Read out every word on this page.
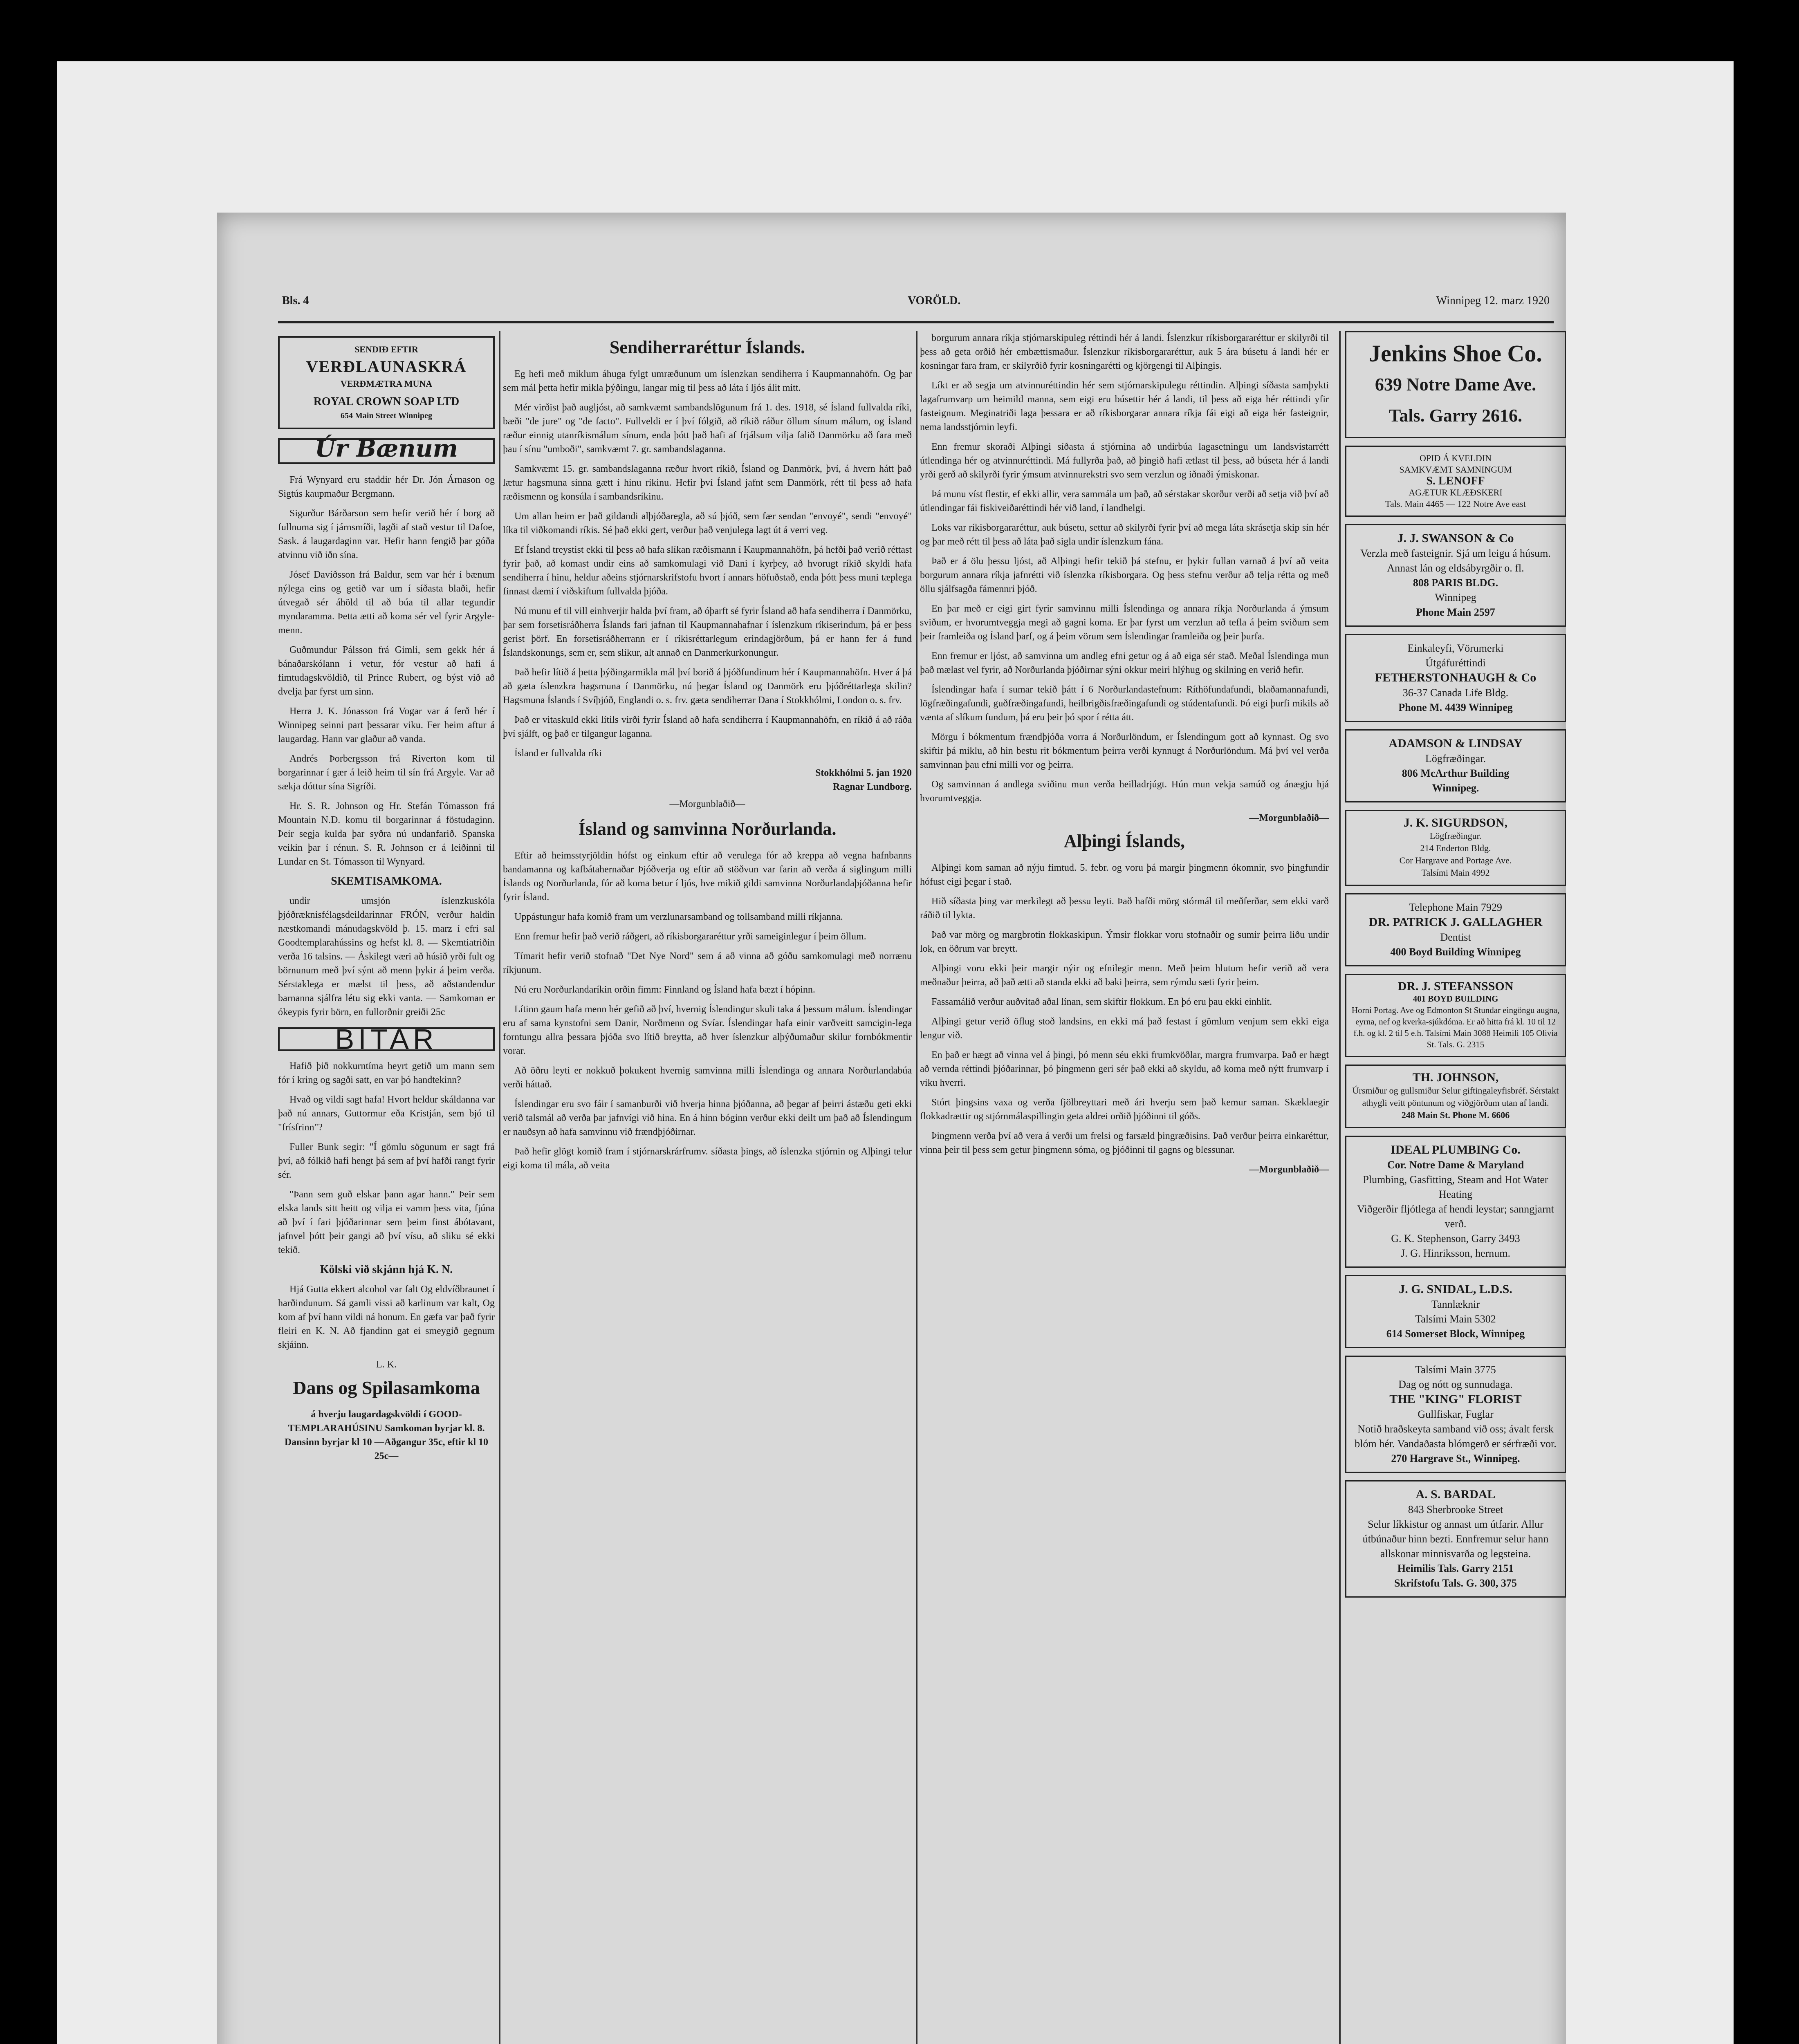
Bls. 4	VORÖLD.	Winnipeg 12. marz 1920
SENDIÐ EFTIR
VERÐLAUNASKRÁ
VERÐMÆTRA MUNA
ROYAL CROWN SOAP LTD
654 Main Street Winnipeg
Úr Bænum

Frá Wynyard eru staddir hér Dr. Jón Árnason og Sigtús kaupmaður Bergmann.

Sigurður Bárðarson sem hefir verið hér í borg að fullnuma sig í járnsmíði, lagði af stað vestur til Dafoe, Sask. á laugardaginn var. Hefir hann fengið þar góða atvinnu við iðn sína.

Jósef Davíðsson frá Baldur, sem var hér í bænum nýlega eins og getið var um í síðasta blaði, hefir útvegað sér áhöld til að búa til allar tegundir myndaramma. Þetta ætti að koma sér vel fyrir Argyle-menn.

Guðmundur Pálsson frá Gimli, sem gekk hér á bánaðarskólann í vetur, fór vestur að hafi á fimtudagskvöldið, til Prince Rubert, og býst við að dvelja þar fyrst um sinn.

Herra J. K. Jónasson frá Vogar var á ferð hér í Winnipeg seinni part þessarar viku. Fer heim aftur á laugardag. Hann var glaður að vanda.

Andrés Þorbergsson frá Riverton kom til borgarinnar í gær á leið heim til sín frá Argyle. Var að sækja dóttur sína Sigríði.

Hr. S. R. Johnson og Hr. Stefán Tómasson frá Mountain N.D. komu til borgarinnar á föstudaginn. Þeir segja kulda þar syðra nú undanfarið. Spanska veikin þar í rénun. S. R. Johnson er á leiðinni til Lundar en St. Tómasson til Wynyard.

SKEMTISAMKOMA.

undir umsjón íslenzkuskóla þjóðræknisfélagsdeildarinnar FRÓN, verður haldin næstkomandi mánudagskvöld þ. 15. marz í efri sal Goodtemplarahússins og hefst kl. 8. — Skemtiatriðin verða 16 talsins. — Áskilegt væri að húsið yrði fult og börnunum með því sýnt að menn þykir á þeim verða. Sérstaklega er mælst til þess, að aðstandendur barnanna sjálfra létu sig ekki vanta. — Samkoman er ókeypis fyrir börn, en fullorðnir greiði 25c

BITAR

Hafið þið nokkurntíma heyrt getið um mann sem fór í kring og sagði satt, en var þó handtekinn?

Hvað og vildi sagt hafa! Hvort heldur skáldanna var það nú annars, Guttormur eða Kristján, sem bjó til "frísfrinn"?

Fuller Bunk segir: "Í gömlu sögunum er sagt frá því, að fólkið hafi hengt þá sem af því hafði rangt fyrir sér.

"Þann sem guð elskar þann agar hann." Þeir sem elska lands sitt heitt og vilja ei vamm þess vita, fjúna að því í fari þjóðarinnar sem þeim finst ábótavant, jafnvel þótt þeir gangi að því vísu, að sliku sé ekki tekið.

Kölski við skjánn hjá K. N.

Hjá Gutta ekkert alcohol var falt Og eldvíðbraunet í harðindunum. Sá gamli vissi að karlinum var kalt, Og kom af því hann vildi ná honum. En gæfa var það fyrir fleiri en K. N. Að fjandinn gat ei smeygið gegnum skjáinn.

L. K.
Dans og Spilasamkoma
á hverju laugardagskvöldi í GOOD-TEMPLARAHÚSINU Samkoman byrjar kl. 8. Dansinn byrjar kl 10 —Aðgangur 35c, eftir kl 10 25c—
Sendiherraréttur Íslands.

Eg hefi með miklum áhuga fylgt umræðunum um íslenzkan sendiherra í Kaupmannahöfn. Og þar sem mál þetta hefir mikla þýðingu, langar mig til þess að láta í ljós álit mitt.

Mér virðist það augljóst, að samkvæmt sambandslögunum frá 1. des. 1918, sé Ísland fullvalda ríki, bæði "de jure" og "de facto". Fullveldi er í því fólgið, að ríkið ráður öllum sínum málum, og Ísland ræður einnig utanríkismálum sínum, enda þótt það hafi af frjálsum vilja falið Danmörku að fara með þau í sínu "umboði", samkvæmt 7. gr. sambandslaganna.

Samkvæmt 15. gr. sambandslaganna ræður hvort ríkið, Ísland og Danmörk, því, á hvern hátt það lætur hagsmuna sinna gætt í hinu ríkinu. Hefir því Ísland jafnt sem Danmörk, rétt til þess að hafa ræðismenn og konsúla í sambandsríkinu.

Um allan heim er það gildandi alþjóðaregla, að sú þjóð, sem fær sendan "envoyé", sendi "envoyé" líka til viðkomandi ríkis. Sé það ekki gert, verður það venjulega lagt út á verri veg.

Ef Ísland treystist ekki til þess að hafa slíkan ræðismann í Kaupmannahöfn, þá hefði það verið réttast fyrir það, að komast undir eins að samkomulagi við Dani í kyrþey, að hvorugt ríkið skyldi hafa sendiherra í hinu, heldur aðeins stjórnarskrifstofu hvort í annars höfuðstað, enda þótt þess muni tæplega finnast dæmi í viðskiftum fullvalda þjóða.

Nú munu ef til vill einhverjir halda því fram, að óþarft sé fyrir Ísland að hafa sendiherra í Danmörku, þar sem forsetisráðherra Íslands fari jafnan til Kaupmannahafnar í íslenzkum ríkiserindum, þá er þess gerist þörf. En forsetisráðherrann er í ríkisréttarlegum erindagjörðum, þá er hann fer á fund Íslandskonungs, sem er, sem slíkur, alt annað en Danmerkurkonungur.

Það hefir lítið á þetta þýðingarmikla mál því borið á þjóðfundinum hér í Kaupmannahöfn. Hver á þá að gæta íslenzkra hagsmuna í Danmörku, nú þegar Ísland og Danmörk eru þjóðréttarlega skilin? Hagsmuna Íslands í Svíþjóð, Englandi o. s. frv. gæta sendiherrar Dana í Stokkhólmi, London o. s. frv.

Það er vitaskuld ekki lítils virði fyrir Ísland að hafa sendiherra í Kaupmannahöfn, en ríkið á að ráða því sjálft, og það er tilgangur laganna.

Ísland er fullvalda ríki

Stokkhólmi 5. jan 1920
Ragnar Lundborg.
—Morgunblaðið—
Ísland og samvinna Norðurlanda.

Eftir að heimsstyrjöldin hófst og einkum eftir að verulega fór að kreppa að vegna hafnbanns bandamanna og kafbátahernaðar Þjóðverja og eftir að stöðvun var farin að verða á siglingum milli Íslands og Norðurlanda, fór að koma betur í ljós, hve mikið gildi samvinna Norðurlandaþjóðanna hefir fyrir Ísland.

Uppástungur hafa komið fram um verzlunarsamband og tollsamband milli ríkjanna.

Enn fremur hefir það verið ráðgert, að ríkisborgararéttur yrði sameiginlegur í þeim öllum.

Tímarit hefir verið stofnað "Det Nye Nord" sem á að vinna að góðu samkomulagi með norrænu ríkjunum.

Nú eru Norðurlandaríkin orðin fimm: Finnland og Ísland hafa bæzt í hópinn.

Lítinn gaum hafa menn hér gefið að því, hvernig Íslendingur skuli taka á þessum málum. Íslendingar eru af sama kynstofni sem Danir, Norðmenn og Svíar. Íslendingar hafa einir varðveitt samcigin-lega forntungu allra þessara þjóða svo lítið breytta, að hver íslenzkur alþýðumaður skilur fornbókmentir vorar.

Að öðru leyti er nokkuð þokukent hvernig samvinna milli Íslendinga og annara Norðurlandabúa verði háttað.

Íslendingar eru svo fáir í samanburði við hverja hinna þjóðanna, að þegar af þeirri ástæðu geti ekki verið talsmál að verða þar jafnvígi við hina. En á hinn bóginn verður ekki deilt um það að Íslendingum er nauðsyn að hafa samvinnu við frændþjóðirnar.

Það hefir glögt komið fram í stjórnarskrárfrumv. síðasta þings, að íslenzka stjórnin og Alþingi telur eigi koma til mála, að veita

borgurum annara ríkja stjórnarskipuleg réttindi hér á landi. Íslenzkur ríkisborgararéttur er skilyrði til þess að geta orðið hér embættismaður. Íslenzkur ríkisborgararéttur, auk 5 ára búsetu á landi hér er kosningar fara fram, er skilyrðið fyrir kosningarétti og kjörgengi til Alþingis.

Líkt er að segja um atvinnuréttindin hér sem stjórnarskipulegu réttindin. Alþingi síðasta samþykti lagafrumvarp um heimild manna, sem eigi eru búsettir hér á landi, til þess að eiga hér réttindi yfir fasteignum. Meginatriði laga þessara er að ríkisborgarar annara ríkja fái eigi að eiga hér fasteignir, nema landsstjórnin leyfi.

Enn fremur skoraði Alþingi síðasta á stjórnina að undirbúa lagasetningu um landsvistarrétt útlendinga hér og atvinnuréttindi. Má fullyrða það, að þingið hafi ætlast til þess, að búseta hér á landi yrði gerð að skilyrði fyrir ýmsum atvinnurekstri svo sem verzlun og iðnaði ýmiskonar.

Þá munu víst flestir, ef ekki allir, vera sammála um það, að sérstakar skorður verði að setja við því að útlendingar fái fiskiveiðaréttindi hér við land, í landhelgi.

Loks var ríkisborgararéttur, auk búsetu, settur að skilyrði fyrir því að mega láta skrásetja skip sín hér og þar með rétt til þess að láta það sigla undir íslenzkum fána.

Það er á ölu þessu ljóst, að Alþingi hefir tekið þá stefnu, er þykir fullan varnað á því að veita borgurum annara ríkja jafnrétti við íslenzka ríkisborgara. Og þess stefnu verður að telja rétta og með öllu sjálfsagða fámennri þjóð.

En þar með er eigi girt fyrir samvinnu milli Íslendinga og annara ríkja Norðurlanda á ýmsum sviðum, er hvorumtveggja megi að gagni koma. Er þar fyrst um verzlun að tefla á þeim sviðum sem þeir framleiða og Ísland þarf, og á þeim vörum sem Íslendingar framleiða og þeir þurfa.

Enn fremur er ljóst, að samvinna um andleg efni getur og á að eiga sér stað. Meðal Íslendinga mun það mælast vel fyrir, að Norðurlanda þjóðirnar sýni okkur meiri hlýhug og skilning en verið hefir.

Íslendingar hafa í sumar tekið þátt í 6 Norðurlandastefnum: Ríthöfundafundi, blaðamannafundi, lögfræðingafundi, guðfræðingafundi, heilbrigðisfræðingafundi og stúdentafundi. Þó eigi þurfi mikils að vænta af slíkum fundum, þá eru þeir þó spor í rétta átt.

Mörgu í bókmentum frændþjóða vorra á Norðurlöndum, er Íslendingum gott að kynnast. Og svo skiftir þá miklu, að hin bestu rit bókmentum þeirra verði kynnugt á Norðurlöndum. Má því vel verða samvinnan þau efni milli vor og þeirra.

Og samvinnan á andlega sviðinu mun verða heilladrjúgt. Hún mun vekja samúð og ánægju hjá hvorumtveggja.

—Morgunblaðið—
Alþingi Íslands,

Alþingi kom saman að nýju fimtud. 5. febr. og voru þá margir þingmenn ókomnir, svo þingfundir hófust eigi þegar í stað.

Hið síðasta þing var merkilegt að þessu leyti. Það hafði mörg stórmál til meðferðar, sem ekki varð ráðið til lykta.

Það var mörg og margbrotin flokkaskipun. Ýmsir flokkar voru stofnaðir og sumir þeirra liðu undir lok, en öðrum var breytt.

Alþingi voru ekki þeir margir nýir og efnilegir menn. Með þeim hlutum hefir verið að vera meðnaður þeirra, að það ætti að standa ekki að baki þeirra, sem rýmdu sæti fyrir þeim.

Fassamálið verður auðvitað aðal línan, sem skiftir flokkum. En þó eru þau ekki einhlít.

Alþingi getur verið öflug stoð landsins, en ekki má það festast í gömlum venjum sem ekki eiga lengur við.

En það er hægt að vinna vel á þingi, þó menn séu ekki frumkvöðlar, margra frumvarpa. Það er hægt að vernda réttindi þjóðarinnar, þó þingmenn geri sér það ekki að skyldu, að koma með nýtt frumvarp í viku hverri.

Stórt þingsins vaxa og verða fjölbreyttari með ári hverju sem það kemur saman. Skæklaegir flokkadrættir og stjórnmálaspillingin geta aldrei orðið þjóðinni til góðs.

Þingmenn verða því að vera á verði um frelsi og farsæld þingræðisins. Það verður þeirra einkaréttur, vinna þeir til þess sem getur þingmenn sóma, og þjóðinni til gagns og blessunar.

—Morgunblaðið—
Jenkins Shoe Co.
639 Notre Dame Ave.
Tals. Garry 2616.
OPIÐ Á KVELDIN
SAMKVÆMT SAMNINGUM
S. LENOFF
AGÆTUR KLÆÐSKERI
Tals. Main 4465 — 122 Notre Ave east
J. J. SWANSON & Co
Verzla með fasteignir. Sjá um leigu á húsum. Annast lán og eldsábyrgðir o. fl.
808 PARIS BLDG.
Winnipeg
Phone Main 2597
Einkaleyfi, Vörumerki
Útgáfuréttindi
FETHERSTONHAUGH & Co
36-37 Canada Life Bldg.
Phone M. 4439 Winnipeg
ADAMSON & LINDSAY
Lögfræðingar.
806 McArthur Building
Winnipeg.
J. K. SIGURDSON,
Lögfræðingur.
214 Enderton Bldg.
Cor Hargrave and Portage Ave.
Talsími Main 4992
Telephone Main 7929
DR. PATRICK J. GALLAGHER
Dentist
400 Boyd Building Winnipeg
DR. J. STEFANSSON
401 BOYD BUILDING
Horni Portag. Ave og Edmonton St Stundar eingöngu augna, eyrna, nef og kverka-sjúkdóma. Er að hitta frá kl. 10 til 12 f.h. og kl. 2 til 5 e.h. Talsími Main 3088 Heimili 105 Olivia St. Tals. G. 2315
TH. JOHNSON,
Úrsmiður og gullsmiður Selur giftingaleyfisbréf. Sérstakt athygli veitt pöntunum og viðgjörðum utan af landi.
248 Main St. Phone M. 6606
IDEAL PLUMBING Co.
Cor. Notre Dame & Maryland
Plumbing, Gasfitting, Steam and Hot Water Heating
Viðgerðir fljótlega af hendi leystar; sanngjarnt verð.
G. K. Stephenson, Garry 3493
J. G. Hinriksson, hernum.
J. G. SNIDAL, L.D.S.
Tannlæknir
Talsími Main 5302
614 Somerset Block, Winnipeg
Talsími Main 3775
Dag og nótt og sunnudaga.
THE "KING" FLORIST
Gullfiskar, Fuglar
Notið hraðskeyta samband við oss; ávalt fersk blóm hér. Vandaðasta blómgerð er sérfræði vor.
270 Hargrave St., Winnipeg.
A. S. BARDAL
843 Sherbrooke Street
Selur líkkistur og annast um útfarir. Allur útbúnaður hinn bezti. Ennfremur selur hann allskonar minnisvarða og legsteina.
Heimilis Tals. Garry 2151
Skrifstofu Tals. G. 300, 375
